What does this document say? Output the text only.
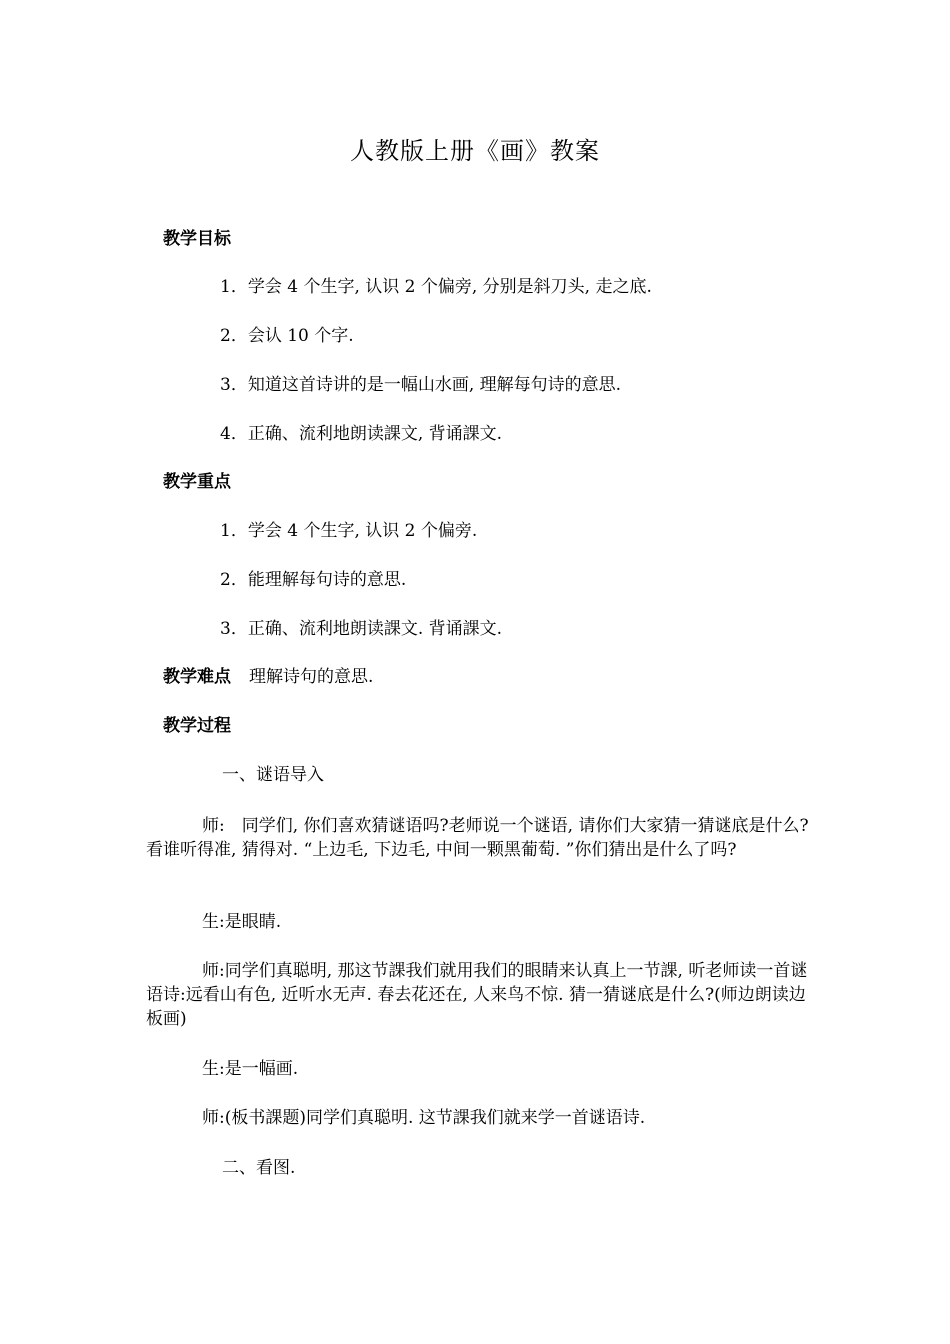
人教版上册《画》教案
教学目标
1．学会 4 个生字, 认识 2 个偏旁, 分别是斜刀头, 走之底.
2．会认 10 个字.
3．知道这首诗讲的是一幅山水画, 理解每句诗的意思.
4．正确、流利地朗读課文, 背诵課文.
教学重点
1．学会 4 个生字, 认识 2 个偏旁.
2．能理解每句诗的意思.
3．正确、流利地朗读課文. 背诵課文.
教学难点 理解诗句的意思.
教学过程
一、谜语导入
师:　同学们, 你们喜欢猜谜语吗?老师说一个谜语, 请你们大家猜一猜谜底是什么?看谁听得准, 猜得对. “上边毛, 下边毛, 中间一颗黑葡萄. ”你们猜出是什么了吗?
生:是眼睛.
师:同学们真聪明, 那这节課我们就用我们的眼睛来认真上一节課, 听老师读一首谜语诗:远看山有色, 近听水无声. 春去花还在, 人来鸟不惊. 猜一猜谜底是什么?(师边朗读边板画)
生:是一幅画.
师:(板书課题)同学们真聪明. 这节課我们就来学一首谜语诗.
二、看图.
